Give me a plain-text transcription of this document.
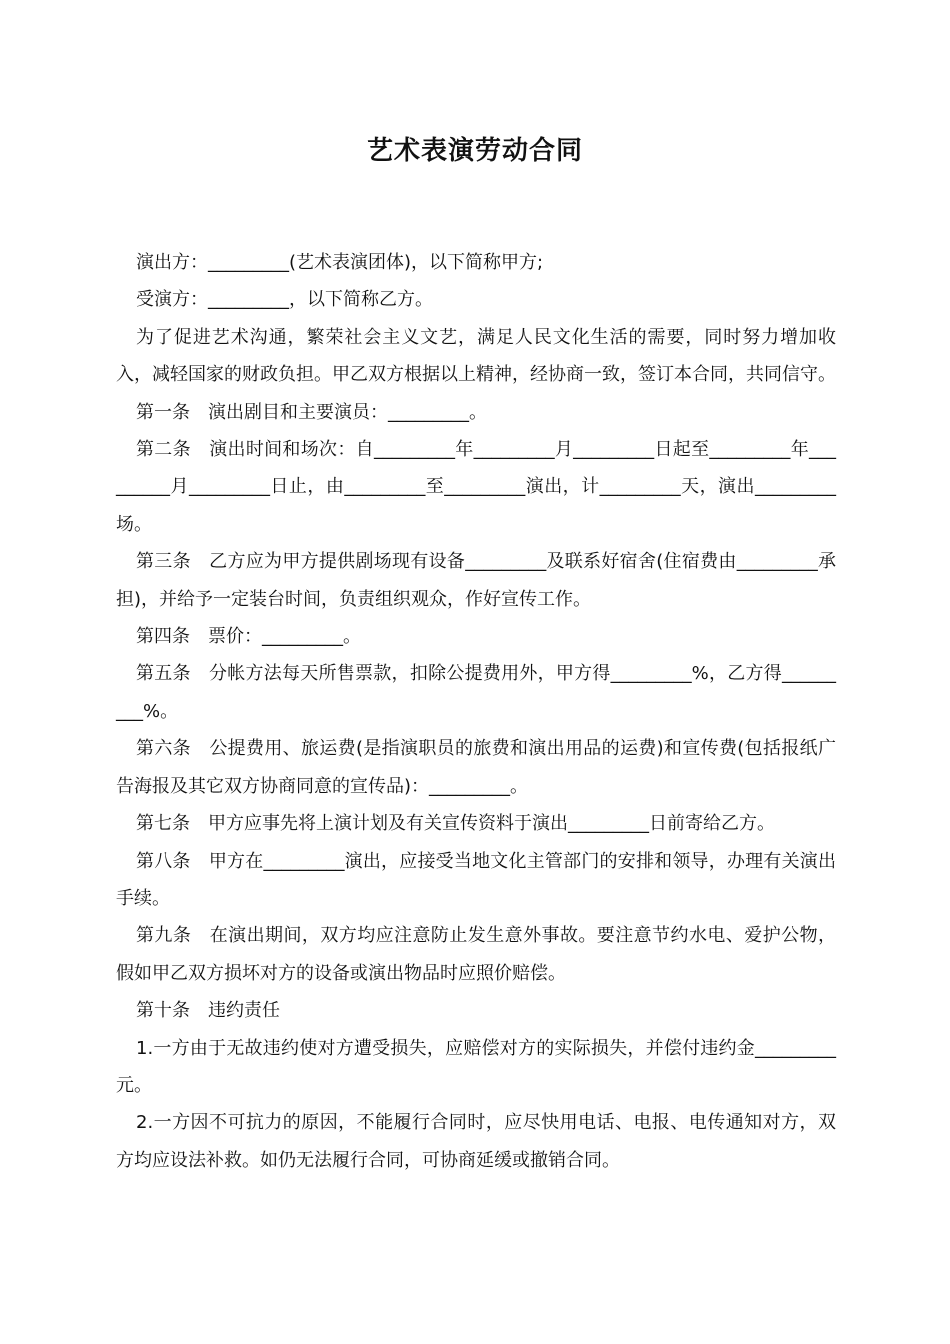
艺术表演劳动合同

演出方：_________(艺术表演团体)，以下简称甲方;

受演方：_________，以下简称乙方。

为了促进艺术沟通，繁荣社会主义文艺，满足人民文化生活的需要，同时努力增加收入，减轻国家的财政负担。甲乙双方根据以上精神，经协商一致，签订本合同，共同信守。

第一条　演出剧目和主要演员：_________。

第二条　演出时间和场次：自_________年_________月_________日起至_________年_________月_________日止，由_________至_________演出，计_________天，演出_________场。

第三条　乙方应为甲方提供剧场现有设备_________及联系好宿舍(住宿费由_________承担)，并给予一定装台时间，负责组织观众，作好宣传工作。

第四条　票价：_________。

第五条　分帐方法每天所售票款，扣除公提费用外，甲方得_________%，乙方得_________%。

第六条　公提费用、旅运费(是指演职员的旅费和演出用品的运费)和宣传费(包括报纸广告海报及其它双方协商同意的宣传品)：_________。

第七条　甲方应事先将上演计划及有关宣传资料于演出_________日前寄给乙方。

第八条　甲方在_________演出，应接受当地文化主管部门的安排和领导，办理有关演出手续。

第九条　在演出期间，双方均应注意防止发生意外事故。要注意节约水电、爱护公物，假如甲乙双方损坏对方的设备或演出物品时应照价赔偿。

第十条　违约责任

1.一方由于无故违约使对方遭受损失，应赔偿对方的实际损失，并偿付违约金_________元。

2.一方因不可抗力的原因，不能履行合同时，应尽快用电话、电报、电传通知对方，双方均应设法补救。如仍无法履行合同，可协商延缓或撤销合同。
